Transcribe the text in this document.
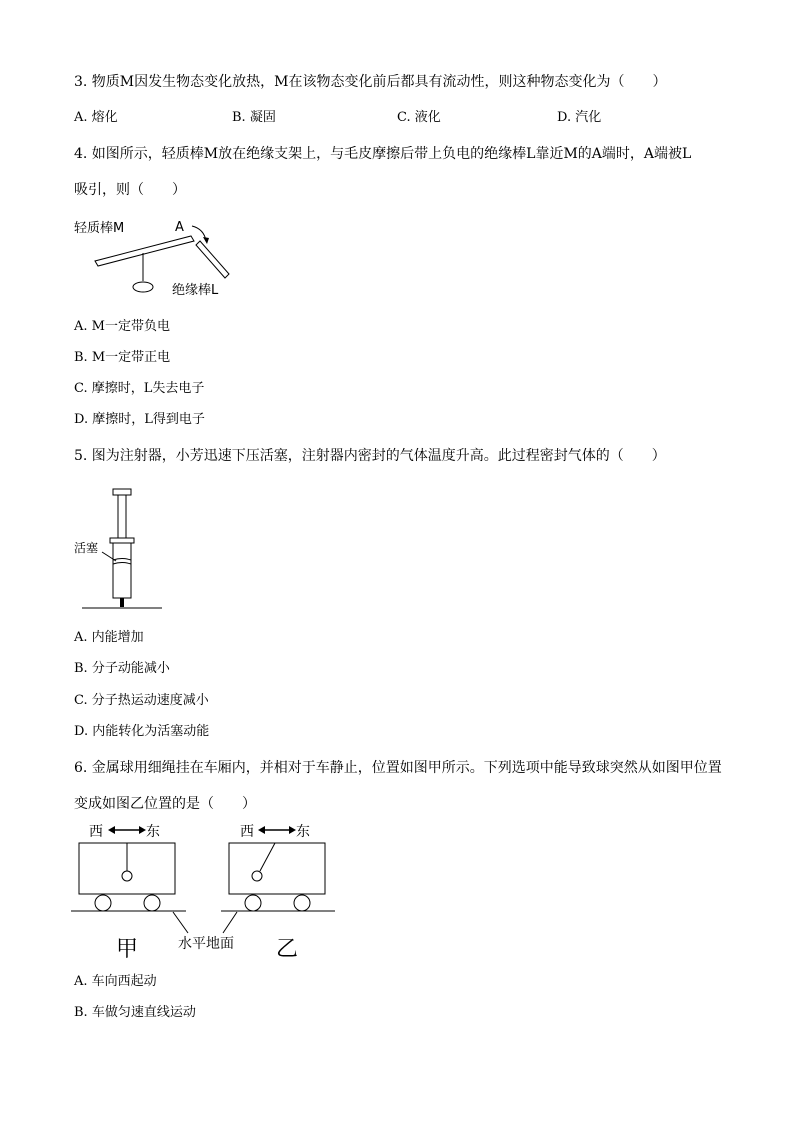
3. 物质M因发生物态变化放热，M在该物态变化前后都具有流动性，则这种物态变化为（　　）
A. 熔化	B. 凝固	C. 液化	D. 汽化
4. 如图所示，轻质棒M放在绝缘支架上，与毛皮摩擦后带上负电的绝缘棒L靠近M的A端时，A端被L
吸引，则（　　）
轻质棒M	A
绝缘棒L
A. M一定带负电
B. M一定带正电
C. 摩擦时，L失去电子
D. 摩擦时，L得到电子
5. 图为注射器，小芳迅速下压活塞，注射器内密封的气体温度升高。此过程密封气体的（　　）
活塞
A. 内能增加
B. 分子动能减小
C. 分子热运动速度减小
D. 内能转化为活塞动能
6. 金属球用细绳挂在车厢内，并相对于车静止，位置如图甲所示。下列选项中能导致球突然从如图甲位置
变成如图乙位置的是（　　）
西	东
甲
西	东
乙
水平地面
A. 车向西起动
B. 车做匀速直线运动
